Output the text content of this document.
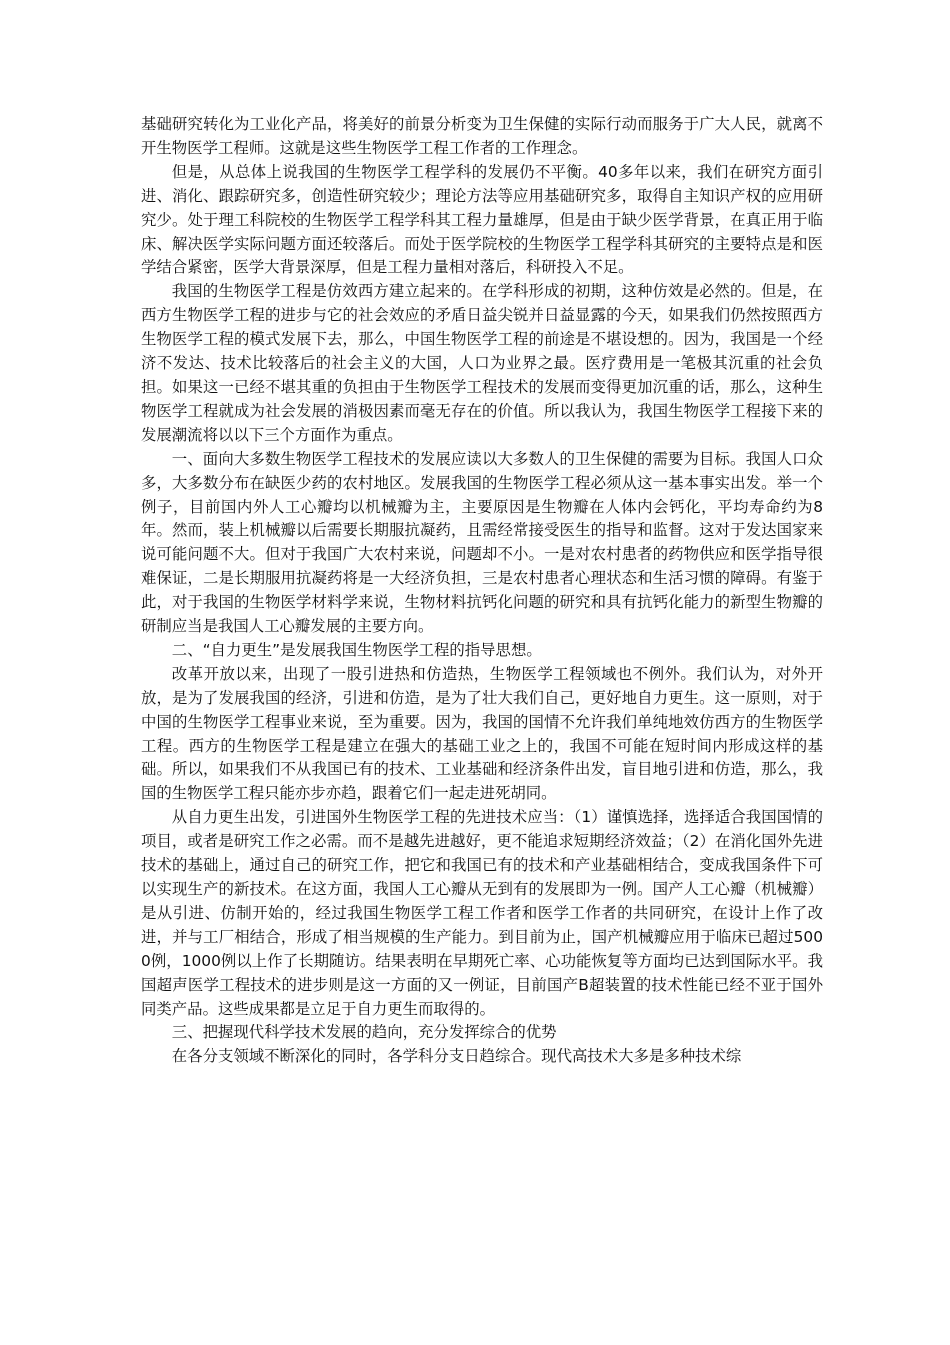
基础研究转化为工业化产品，将美好的前景分析变为卫生保健的实际行动而服务于广大人民，就离不开生物医学工程师。这就是这些生物医学工程工作者的工作理念。

但是，从总体上说我国的生物医学工程学科的发展仍不平衡。40多年以来，我们在研究方面引进、消化、跟踪研究多，创造性研究较少；理论方法等应用基础研究多，取得自主知识产权的应用研究少。处于理工科院校的生物医学工程学科其工程力量雄厚，但是由于缺少医学背景，在真正用于临床、解决医学实际问题方面还较落后。而处于医学院校的生物医学工程学科其研究的主要特点是和医学结合紧密，医学大背景深厚，但是工程力量相对落后，科研投入不足。

我国的生物医学工程是仿效西方建立起来的。在学科形成的初期，这种仿效是必然的。但是，在西方生物医学工程的进步与它的社会效应的矛盾日益尖锐并日益显露的今天，如果我们仍然按照西方生物医学工程的模式发展下去，那么，中国生物医学工程的前途是不堪设想的。因为，我国是一个经济不发达、技术比较落后的社会主义的大国，人口为业界之最。医疗费用是一笔极其沉重的社会负担。如果这一已经不堪其重的负担由于生物医学工程技术的发展而变得更加沉重的话，那么，这种生物医学工程就成为社会发展的消极因素而毫无存在的价值。所以我认为，我国生物医学工程接下来的发展潮流将以以下三个方面作为重点。

一、面向大多数生物医学工程技术的发展应读以大多数人的卫生保健的需要为目标。我国人口众多，大多数分布在缺医少药的农村地区。发展我国的生物医学工程必须从这一基本事实出发。举一个例子，目前国内外人工心瓣均以机械瓣为主，主要原因是生物瓣在人体内会钙化，平均寿命约为8年。然而，装上机械瓣以后需要长期服抗凝药，且需经常接受医生的指导和监督。这对于发达国家来说可能问题不大。但对于我国广大农村来说，问题却不小。一是对农村患者的药物供应和医学指导很难保证，二是长期服用抗凝药将是一大经济负担，三是农村患者心理状态和生活习惯的障碍。有鉴于此，对于我国的生物医学材料学来说，生物材料抗钙化问题的研究和具有抗钙化能力的新型生物瓣的研制应当是我国人工心瓣发展的主要方向。

二、“自力更生”是发展我国生物医学工程的指导思想。

改革开放以来，出现了一股引进热和仿造热，生物医学工程领域也不例外。我们认为，对外开放，是为了发展我国的经济，引进和仿造，是为了壮大我们自己，更好地自力更生。这一原则，对于中国的生物医学工程事业来说，至为重要。因为，我国的国情不允许我们单纯地效仿西方的生物医学工程。西方的生物医学工程是建立在强大的基础工业之上的，我国不可能在短时间内形成这样的基础。所以，如果我们不从我国已有的技术、工业基础和经济条件出发，盲目地引进和仿造，那么，我国的生物医学工程只能亦步亦趋，跟着它们一起走进死胡同。

从自力更生出发，引进国外生物医学工程的先进技术应当：（1）谨慎选择，选择适合我国国情的项目，或者是研究工作之必需。而不是越先进越好，更不能追求短期经济效益；（2）在消化国外先进技术的基础上，通过自己的研究工作，把它和我国已有的技术和产业基础相结合，变成我国条件下可以实现生产的新技术。在这方面，我国人工心瓣从无到有的发展即为一例。国产人工心瓣（机械瓣）是从引进、仿制开始的，经过我国生物医学工程工作者和医学工作者的共同研究，在设计上作了改进，并与工厂相结合，形成了相当规模的生产能力。到目前为止，国产机械瓣应用于临床已超过5000例，1000例以上作了长期随访。结果表明在早期死亡率、心功能恢复等方面均已达到国际水平。我国超声医学工程技术的进步则是这一方面的又一例证，目前国产B超装置的技术性能已经不亚于国外同类产品。这些成果都是立足于自力更生而取得的。

三、把握现代科学技术发展的趋向，充分发挥综合的优势

在各分支领域不断深化的同时，各学科分支日趋综合。现代高技术大多是多种技术综
